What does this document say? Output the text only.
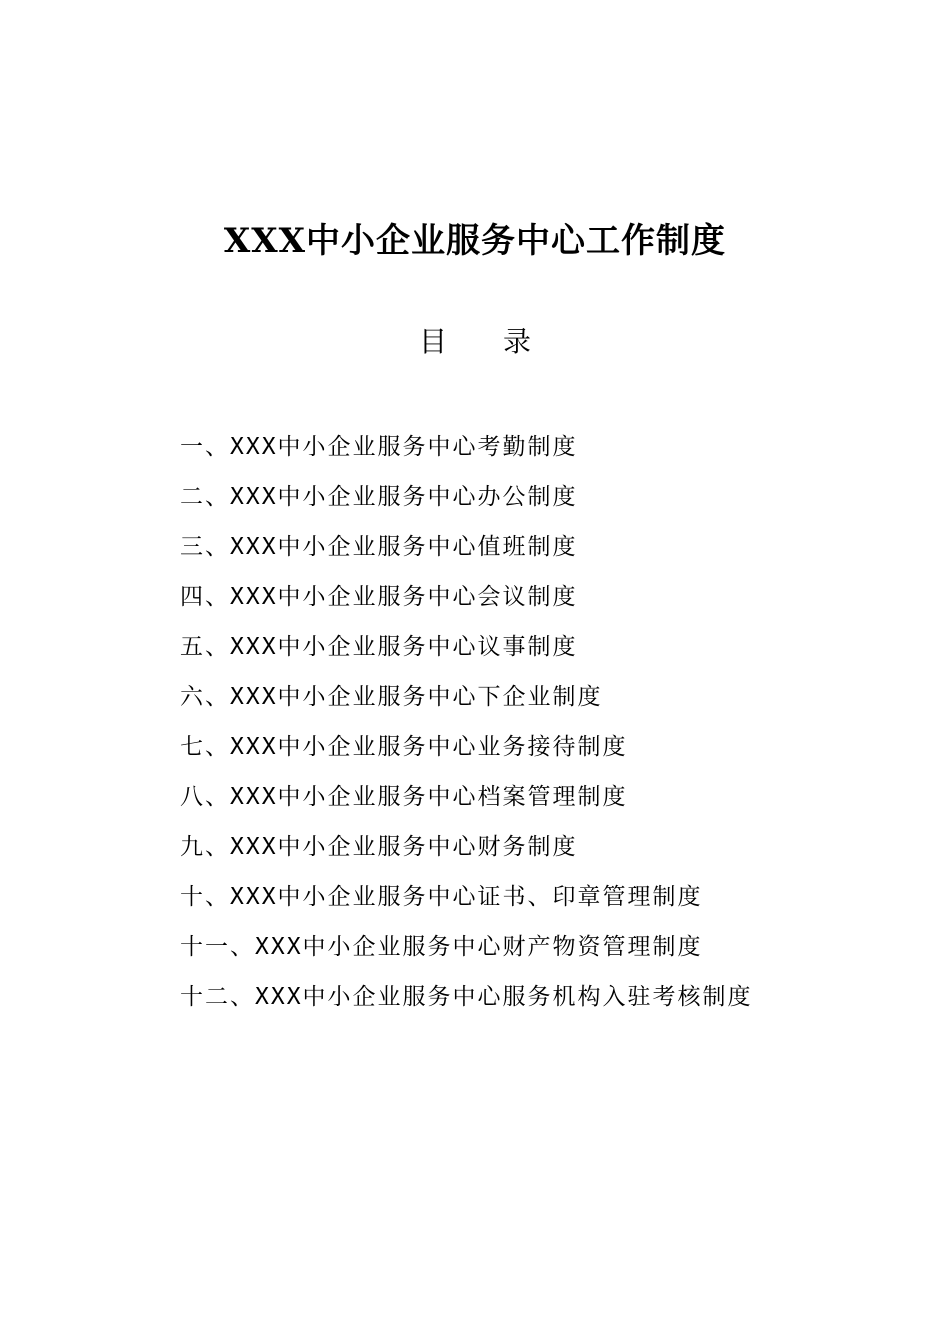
XXX中小企业服务中心工作制度
目 录
一、XXX中小企业服务中心考勤制度
二、XXX中小企业服务中心办公制度
三、XXX中小企业服务中心值班制度
四、XXX中小企业服务中心会议制度
五、XXX中小企业服务中心议事制度
六、XXX中小企业服务中心下企业制度
七、XXX中小企业服务中心业务接待制度
八、XXX中小企业服务中心档案管理制度
九、XXX中小企业服务中心财务制度
十、XXX中小企业服务中心证书、印章管理制度
十一、XXX中小企业服务中心财产物资管理制度
十二、XXX中小企业服务中心服务机构入驻考核制度
